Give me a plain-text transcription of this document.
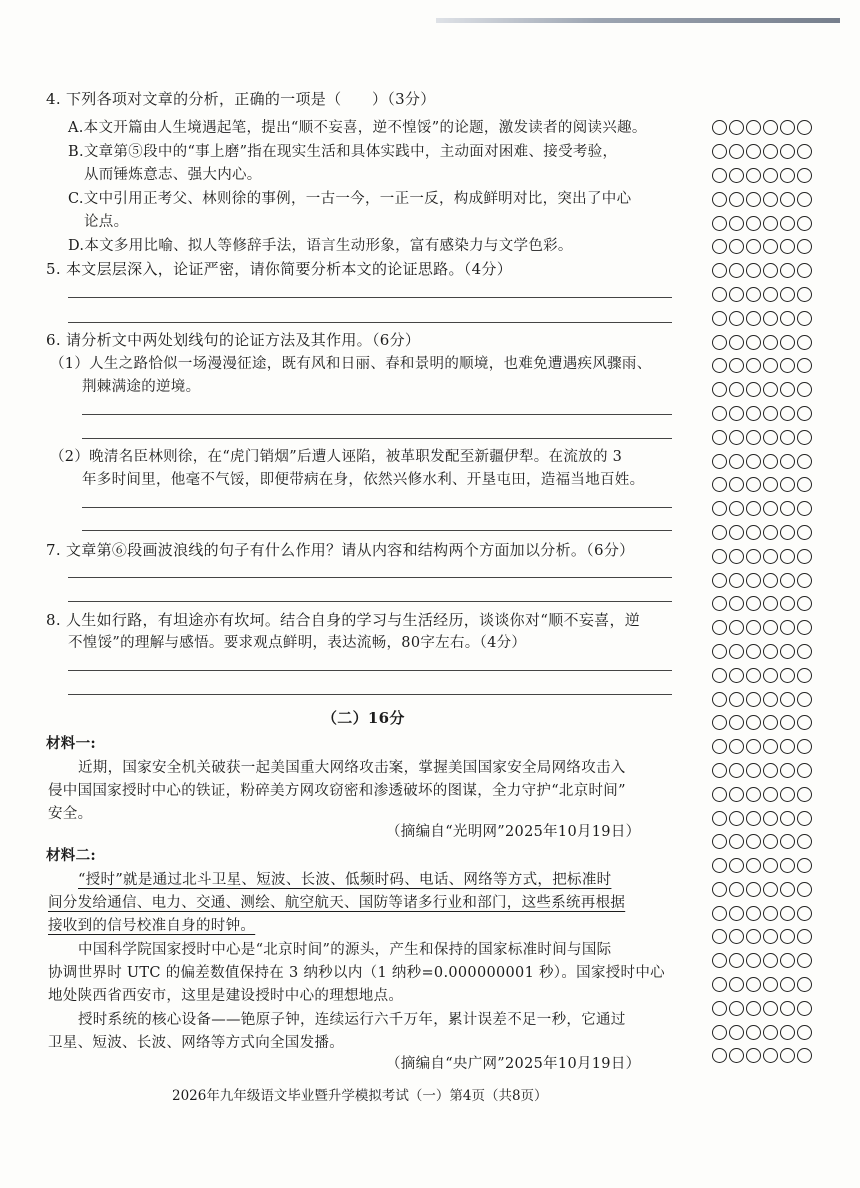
4. 下列各项对文章的分析，正确的一项是（　　）（3分）
A.本文开篇由人生境遇起笔，提出“顺不妄喜，逆不惶馁”的论题，激发读者的阅读兴趣。
B.文章第⑤段中的“事上磨”指在现实生活和具体实践中，主动面对困难、接受考验，
从而锤炼意志、强大内心。
C.文中引用正考父、林则徐的事例，一古一今，一正一反，构成鲜明对比，突出了中心
论点。
D.本文多用比喻、拟人等修辞手法，语言生动形象，富有感染力与文学色彩。
5. 本文层层深入，论证严密，请你简要分析本文的论证思路。（4分）
6. 请分析文中两处划线句的论证方法及其作用。（6分）
（1）人生之路恰似一场漫漫征途，既有风和日丽、春和景明的顺境，也难免遭遇疾风骤雨、
荆棘满途的逆境。
（2）晚清名臣林则徐，在“虎门销烟”后遭人诬陷，被革职发配至新疆伊犁。在流放的 3
年多时间里，他毫不气馁，即便带病在身，依然兴修水利、开垦屯田，造福当地百姓。
7. 文章第⑥段画波浪线的句子有什么作用？请从内容和结构两个方面加以分析。（6分）
8. 人生如行路，有坦途亦有坎坷。结合自身的学习与生活经历，谈谈你对“顺不妄喜，逆
不惶馁”的理解与感悟。要求观点鲜明，表达流畅，80字左右。（4分）
（二）16分
材料一:
近期，国家安全机关破获一起美国重大网络攻击案，掌握美国国家安全局网络攻击入
侵中国国家授时中心的铁证，粉碎美方网攻窃密和渗透破坏的图谋，全力守护“北京时间”
安全。
（摘编自“光明网”2025年10月19日）
材料二:
“授时”就是通过北斗卫星、短波、长波、低频时码、电话、网络等方式，把标准时
间分发给通信、电力、交通、测绘、航空航天、国防等诸多行业和部门，这些系统再根据
接收到的信号校准自身的时钟。
中国科学院国家授时中心是“北京时间”的源头，产生和保持的国家标准时间与国际
协调世界时 UTC 的偏差数值保持在 3 纳秒以内（1 纳秒=0.000000001 秒）。国家授时中心
地处陕西省西安市，这里是建设授时中心的理想地点。
授时系统的核心设备——铯原子钟，连续运行六千万年，累计误差不足一秒，它通过
卫星、短波、长波、网络等方式向全国发播。
（摘编自“央广网”2025年10月19日）
2026年九年级语文毕业暨升学模拟考试（一）第4页（共8页）
